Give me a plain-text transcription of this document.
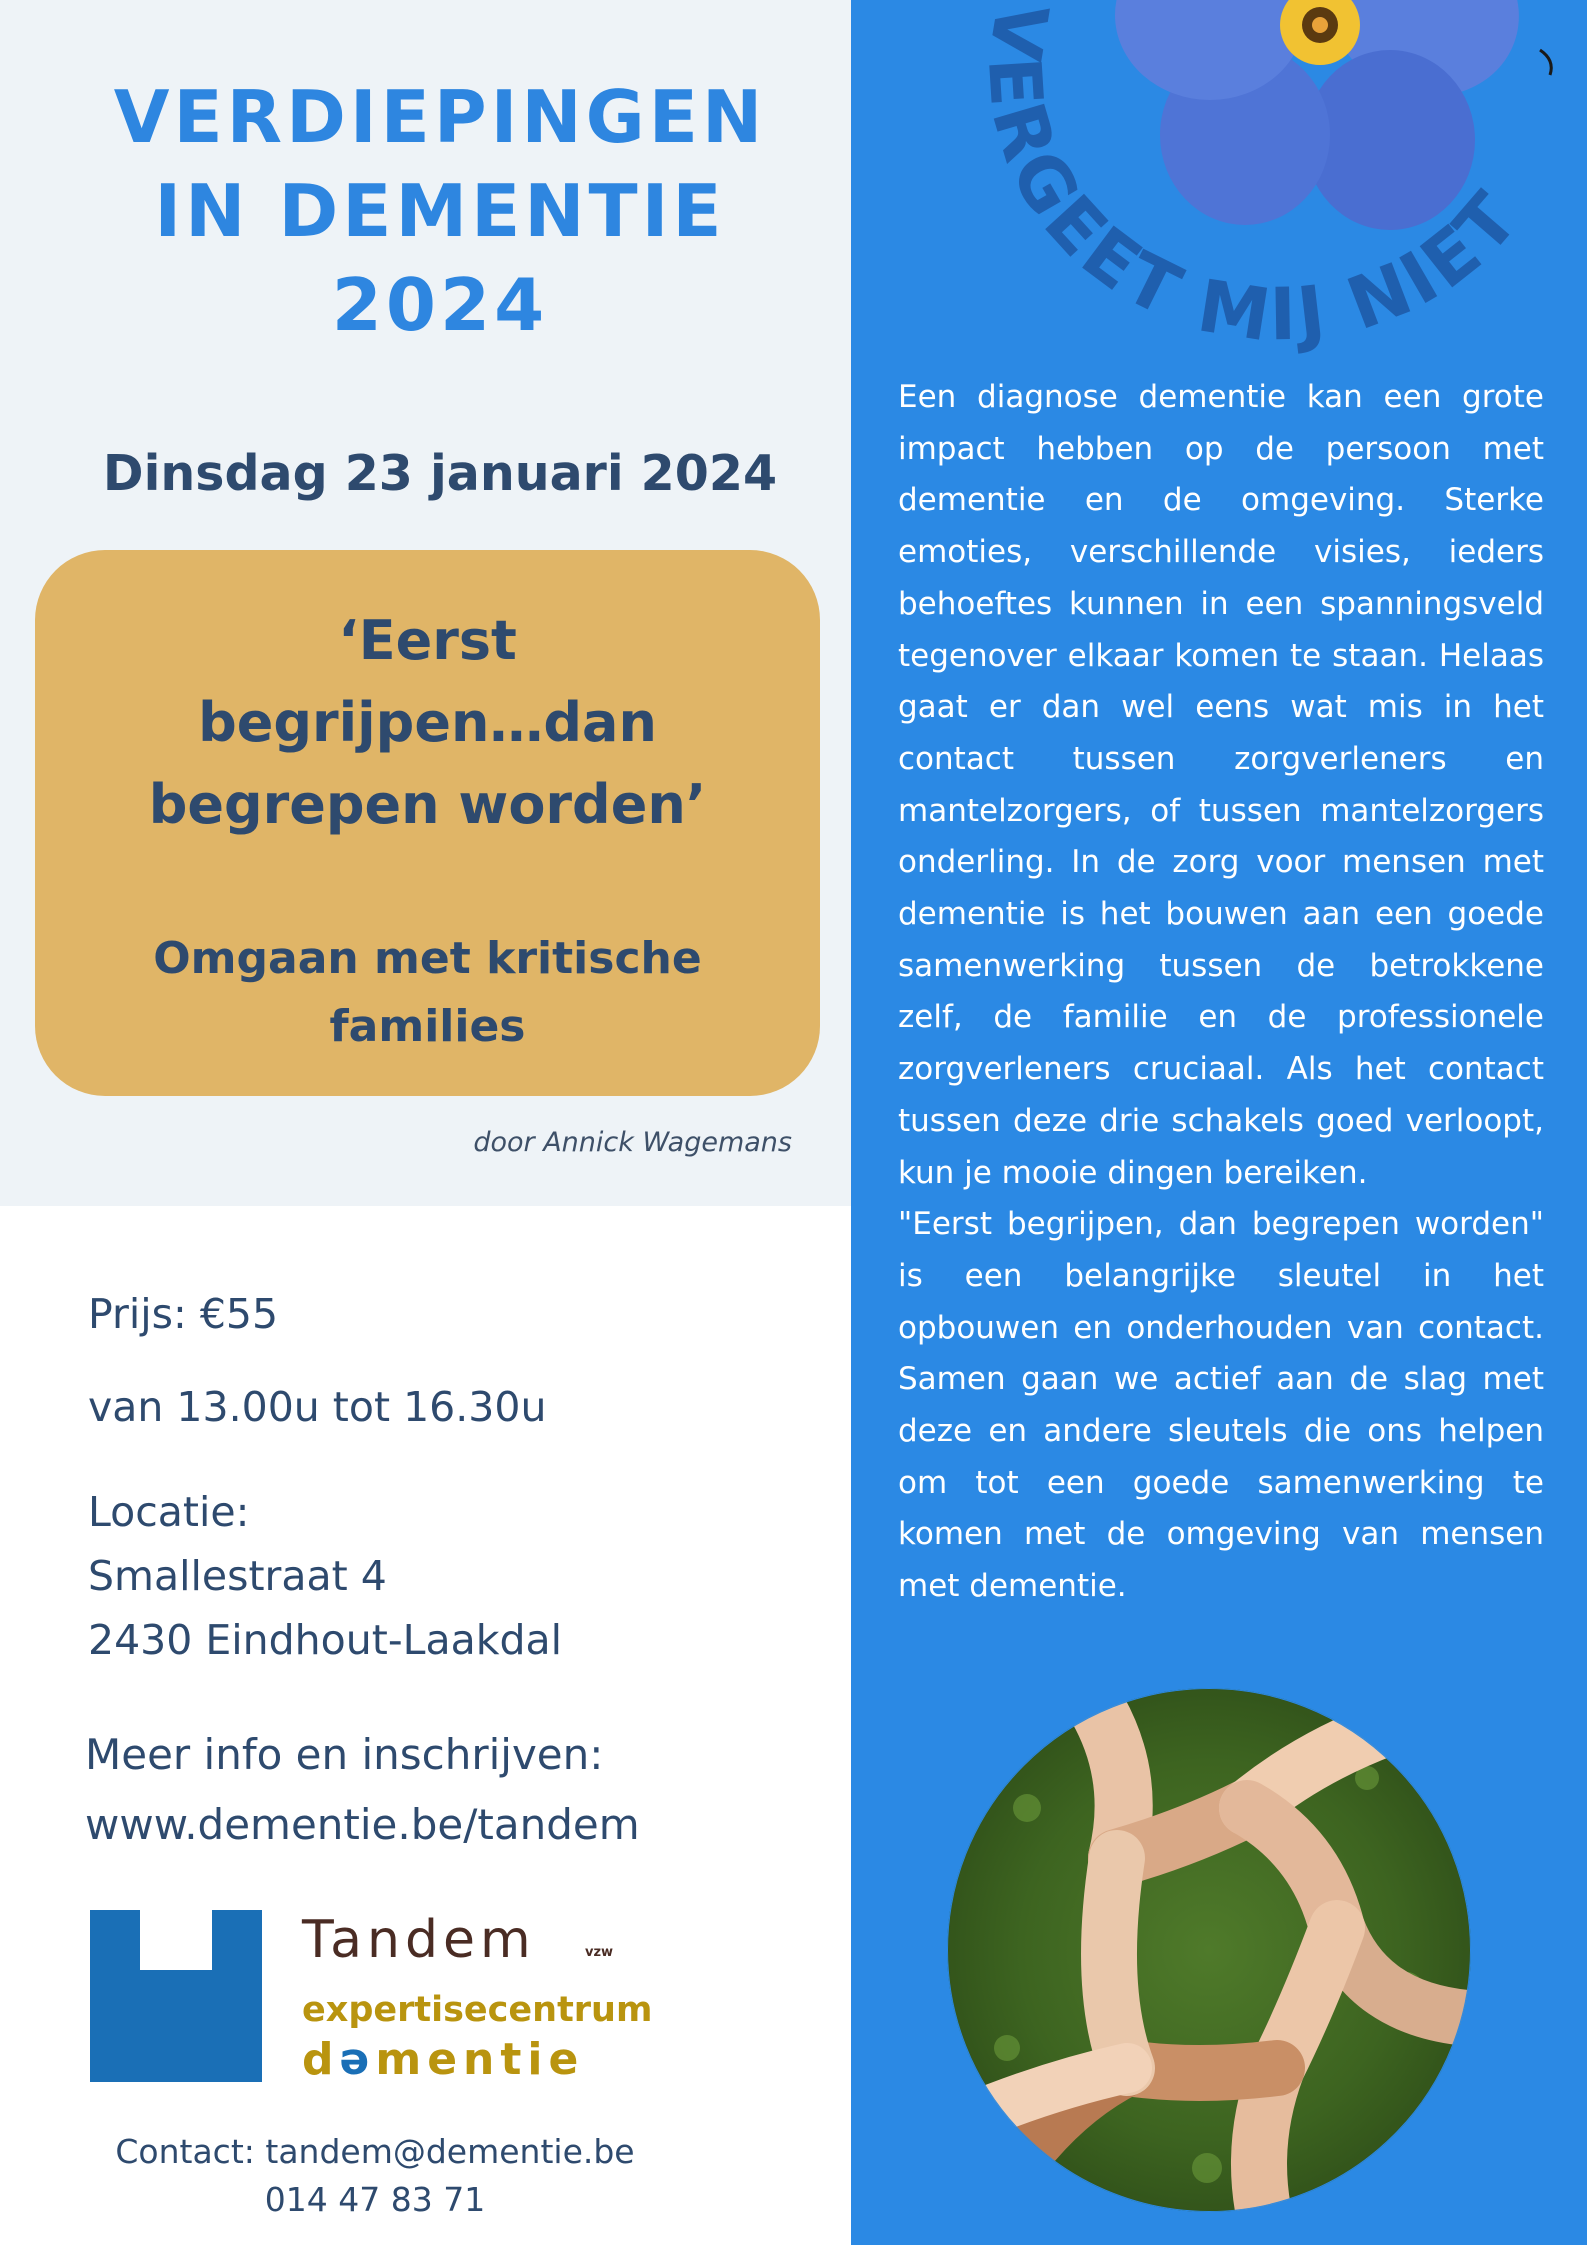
VERDIEPINGEN
IN DEMENTIE
2024
Dinsdag 23 januari 2024
‘Eerst
begrijpen…dan
begrepen worden’
Omgaan met kritische
families
door Annick Wagemans
Prijs: €55
van 13.00u tot 16.30u
Locatie:
Smallestraat 4
2430 Eindhout-Laakdal
Meer info en inschrijven:
www.dementie.be/tandem
Tandem	vzw
expertisecentrum
dəmentie
Contact: tandem@dementie.be
014 47 83 71
VERGEET MIJ NIET

Een diagnose dementie kan een grote impact hebben op de persoon met dementie en de omgeving. Sterke emoties, verschillende visies, ieders behoeftes kunnen in een spanningsveld tegenover elkaar komen te staan. Helaas gaat er dan wel eens wat mis in het contact tussen zorgverleners en mantelzorgers, of tussen mantelzorgers onderling. In de zorg voor mensen met dementie is het bouwen aan een goede samenwerking tussen de betrokkene zelf, de familie en de professionele zorgverleners cruciaal. Als het contact tussen deze drie schakels goed verloopt, kun je mooie dingen bereiken.

"Eerst begrijpen, dan begrepen worden" is een belangrijke sleutel in het opbouwen en onderhouden van contact. Samen gaan we actief aan de slag met deze en andere sleutels die ons helpen om tot een goede samenwerking te komen met de omgeving van mensen met dementie.
